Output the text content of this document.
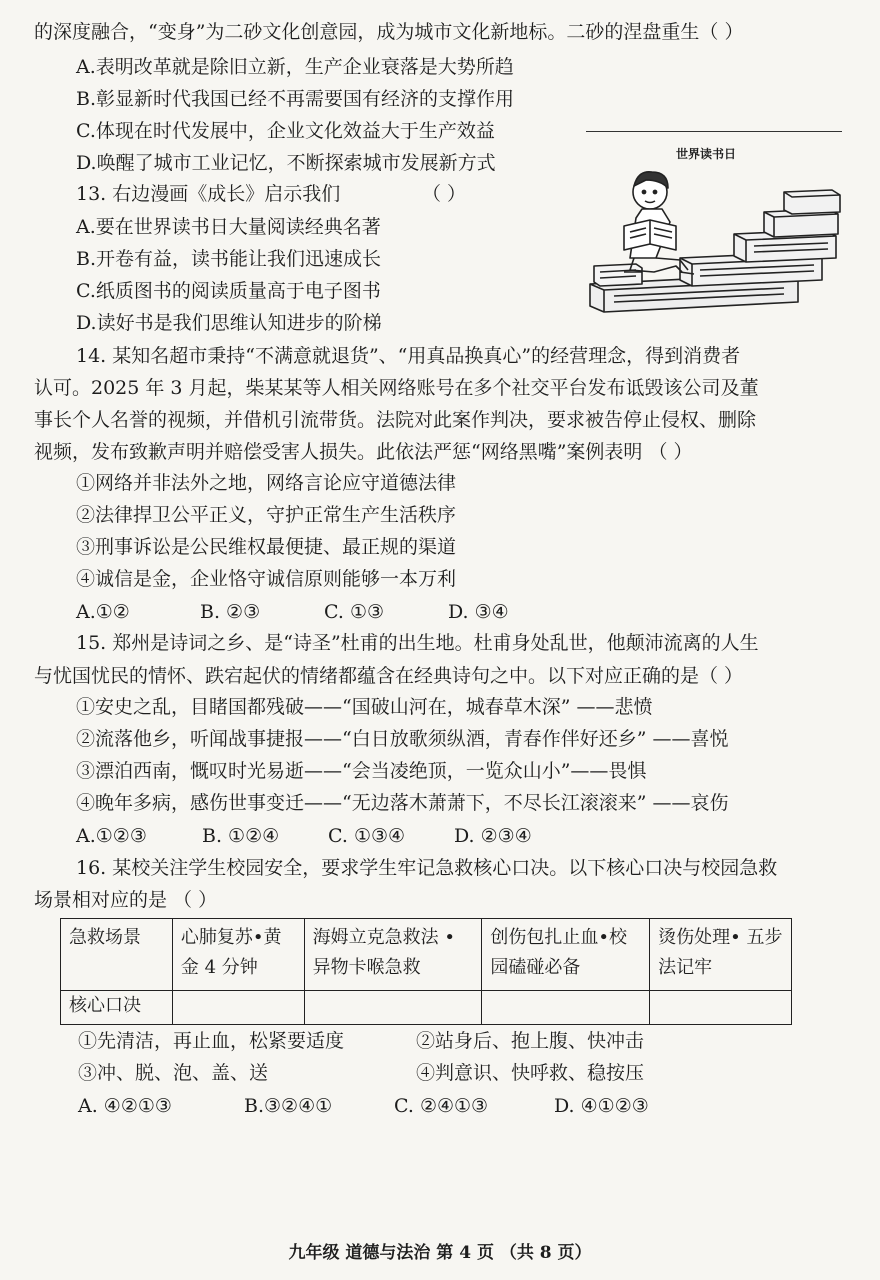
的深度融合，“变身”为二砂文化创意园，成为城市文化新地标。二砂的涅盘重生（ ）
A.表明改革就是除旧立新，生产企业衰落是大势所趋
B.彰显新时代我国已经不再需要国有经济的支撑作用
C.体现在时代发展中，企业文化效益大于生产效益
D.唤醒了城市工业记忆，不断探索城市发展新方式	世界读书日
13. 右边漫画《成长》启示我们	（ ）
A.要在世界读书日大量阅读经典名著
B.开卷有益，读书能让我们迅速成长
C.纸质图书的阅读质量高于电子图书
D.读好书是我们思维认知进步的阶梯
14. 某知名超市秉持“不满意就退货”、“用真品换真心”的经营理念，得到消费者
认可。2025 年 3 月起，柴某某等人相关网络账号在多个社交平台发布诋毁该公司及董
事长个人名誉的视频，并借机引流带货。法院对此案作判决，要求被告停止侵权、删除
视频，发布致歉声明并赔偿受害人损失。此依法严惩“网络黑嘴”案例表明 （ ）
①网络并非法外之地，网络言论应守道德法律
②法律捍卫公平正义，守护正常生产生活秩序
③刑事诉讼是公民维权最便捷、最正规的渠道
④诚信是金，企业恪守诚信原则能够一本万利
A.①②	B. ②③	C. ①③	D. ③④
15. 郑州是诗词之乡、是“诗圣”杜甫的出生地。杜甫身处乱世，他颠沛流离的人生
与忧国忧民的情怀、跌宕起伏的情绪都蕴含在经典诗句之中。以下对应正确的是（ ）
①安史之乱，目睹国都残破——“国破山河在，城春草木深” ——悲愤
②流落他乡，听闻战事捷报——“白日放歌须纵酒，青春作伴好还乡” ——喜悦
③漂泊西南，慨叹时光易逝——“会当凌绝顶，一览众山小”——畏惧
④晚年多病，感伤世事变迁——“无边落木萧萧下，不尽长江滚滚来” ——哀伤
A.①②③	B. ①②④	C. ①③④	D. ②③④
16. 某校关注学生校园安全，要求学生牢记急救核心口决。以下核心口决与校园急救
场景相对应的是 （ ）
急救场景	心肺复苏•黄金 4 分钟	海姆立克急救法 • 异物卡喉急救	创伤包扎止血•校园磕碰必备	烫伤处理• 五步法记牢
核心口决				
①先清洁，再止血，松紧要适度	②站身后、抱上腹、快冲击
③冲、脱、泡、盖、送	④判意识、快呼救、稳按压
A. ④②①③	B.③②④①	C. ②④①③	D. ④①②③
九年级 道德与法治 第 4 页 （共 8 页）
